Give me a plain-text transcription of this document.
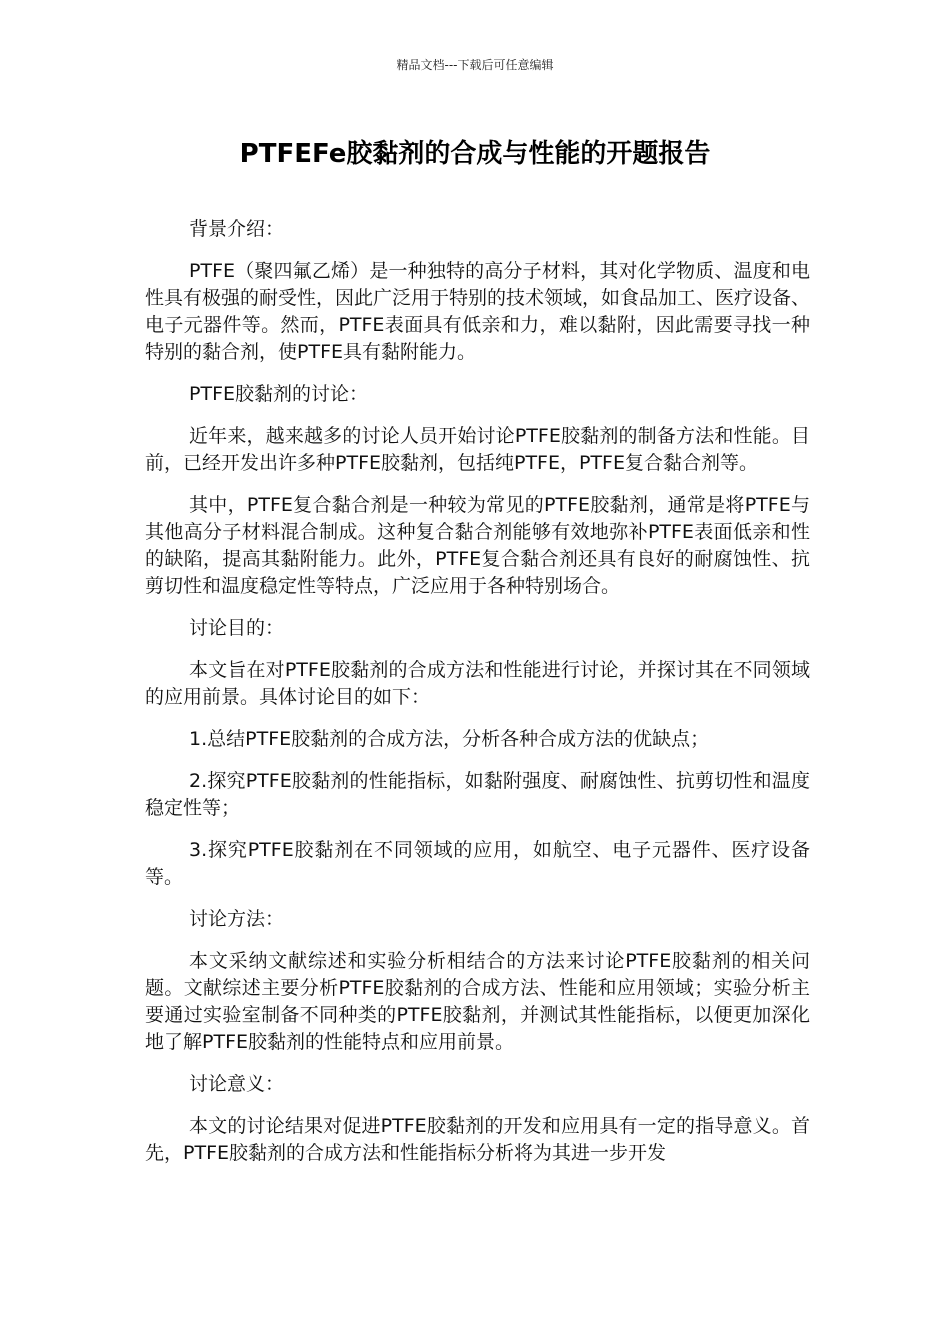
精品文档---下载后可任意编辑
PTFEFe胶黏剂的合成与性能的开题报告

背景介绍：

PTFE（聚四氟乙烯）是一种独特的高分子材料，其对化学物质、温度和电性具有极强的耐受性，因此广泛用于特别的技术领域，如食品加工、医疗设备、电子元器件等。然而，PTFE表面具有低亲和力，难以黏附，因此需要寻找一种特别的黏合剂，使PTFE具有黏附能力。

PTFE胶黏剂的讨论：

近年来，越来越多的讨论人员开始讨论PTFE胶黏剂的制备方法和性能。目前，已经开发出许多种PTFE胶黏剂，包括纯PTFE，PTFE复合黏合剂等。

其中，PTFE复合黏合剂是一种较为常见的PTFE胶黏剂，通常是将PTFE与其他高分子材料混合制成。这种复合黏合剂能够有效地弥补PTFE表面低亲和性的缺陷，提高其黏附能力。此外，PTFE复合黏合剂还具有良好的耐腐蚀性、抗剪切性和温度稳定性等特点，广泛应用于各种特别场合。

讨论目的：

本文旨在对PTFE胶黏剂的合成方法和性能进行讨论，并探讨其在不同领域的应用前景。具体讨论目的如下：

1.总结PTFE胶黏剂的合成方法，分析各种合成方法的优缺点；

2.探究PTFE胶黏剂的性能指标，如黏附强度、耐腐蚀性、抗剪切性和温度稳定性等；

3.探究PTFE胶黏剂在不同领域的应用，如航空、电子元器件、医疗设备等。

讨论方法：

本文采纳文献综述和实验分析相结合的方法来讨论PTFE胶黏剂的相关问题。文献综述主要分析PTFE胶黏剂的合成方法、性能和应用领域；实验分析主要通过实验室制备不同种类的PTFE胶黏剂，并测试其性能指标，以便更加深化地了解PTFE胶黏剂的性能特点和应用前景。

讨论意义：

本文的讨论结果对促进PTFE胶黏剂的开发和应用具有一定的指导意义。首先，PTFE胶黏剂的合成方法和性能指标分析将为其进一步开发
